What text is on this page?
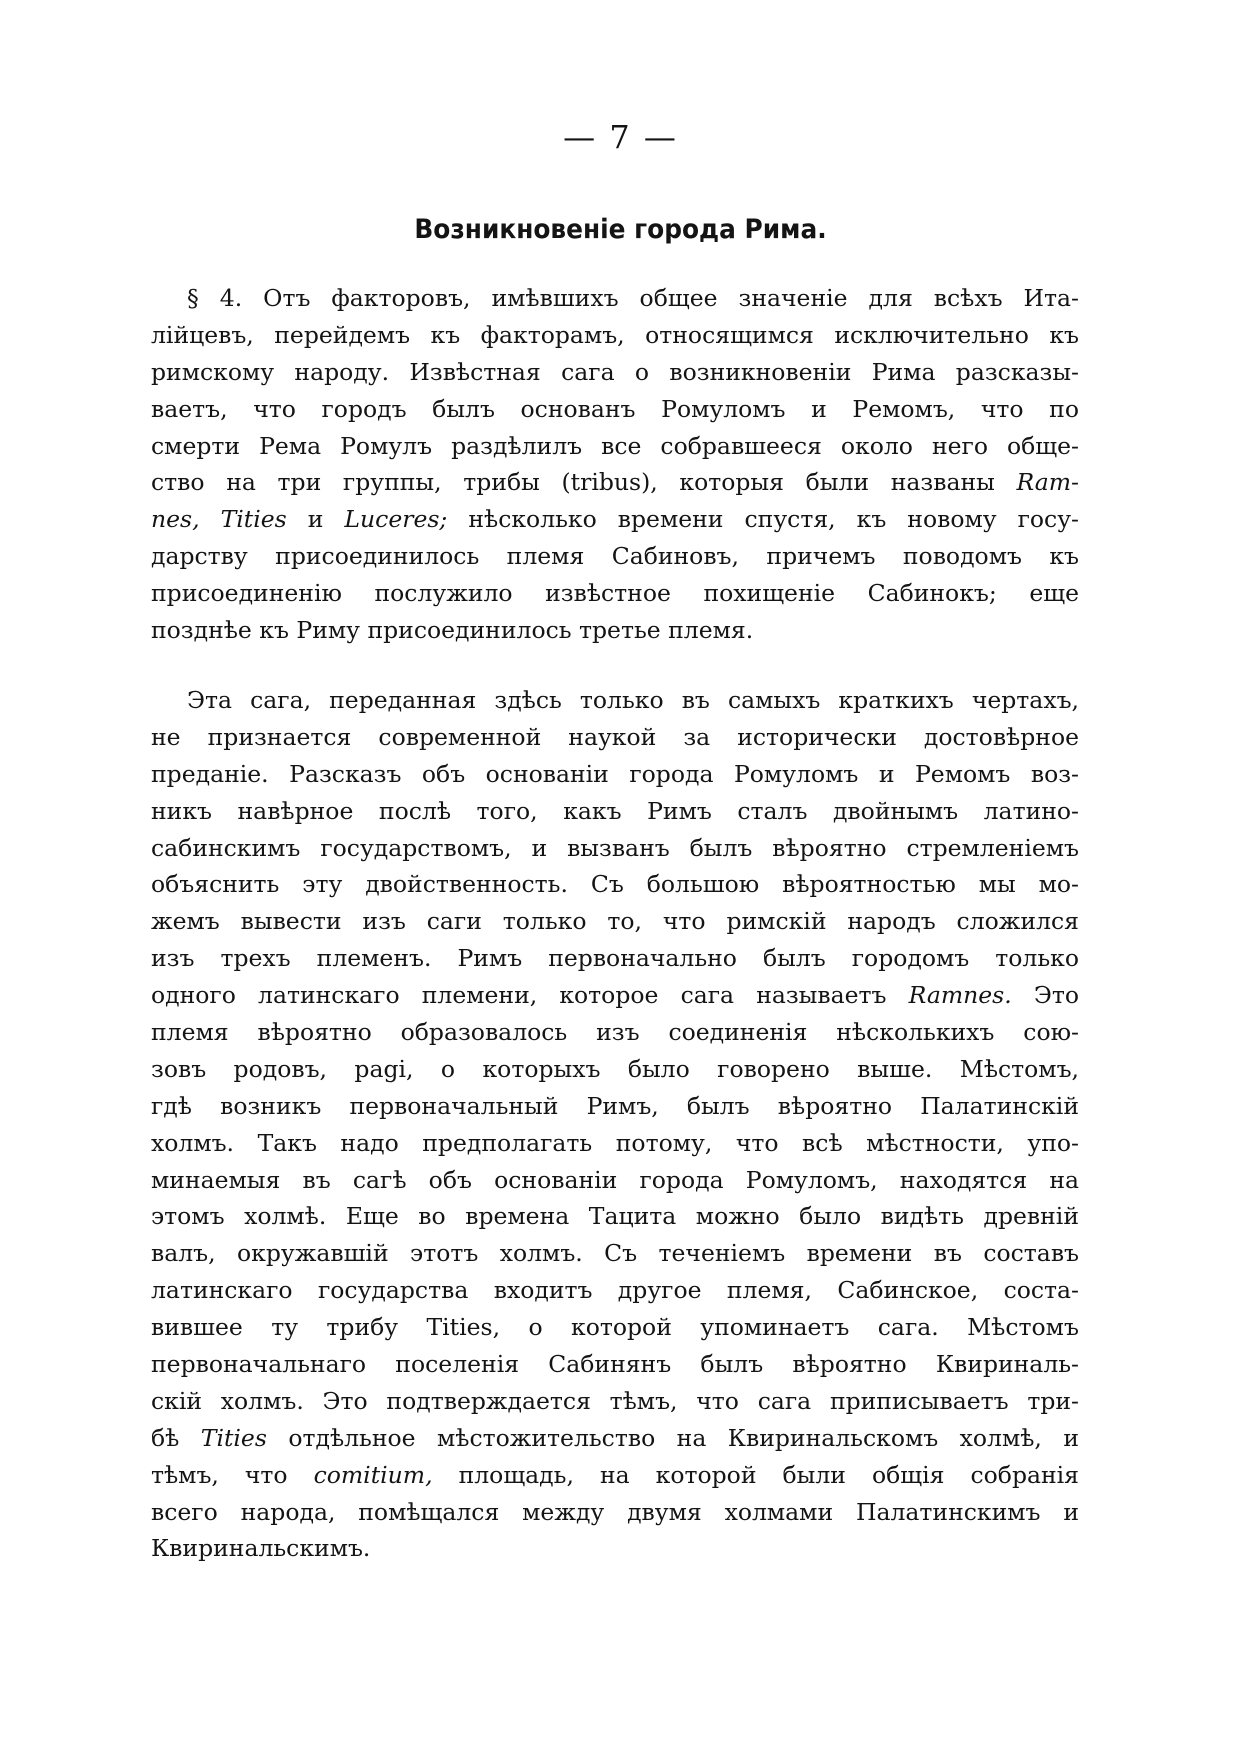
— 7 —
Возникновеніе города Рима.
§ 4. Отъ факторовъ, имѣвшихъ общее значеніе для всѣхъ Ита-
лійцевъ, перейдемъ къ факторамъ, относящимся исключительно къ
римскому народу. Извѣстная сага о возникновеніи Рима разсказы-
ваетъ, что городъ былъ основанъ Ромуломъ и Ремомъ, что по
смерти Рема Ромулъ раздѣлилъ все собравшееся около него обще-
ство на три группы, трибы (tribus), которыя были названы Ram-
nes, Tities и Luceres; нѣсколько времени спустя, къ новому госу-
дарству присоединилось племя Сабиновъ, причемъ поводомъ къ
присоединенію послужило извѣстное похищеніе Сабинокъ; еще
позднѣе къ Риму присоединилось третье племя.
Эта сага, переданная здѣсь только въ самыхъ краткихъ чертахъ,
не признается современной наукой за исторически достовѣрное
преданіе. Разсказъ объ основаніи города Ромуломъ и Ремомъ воз-
никъ навѣрное послѣ того, какъ Римъ сталъ двойнымъ латино-
сабинскимъ государствомъ, и вызванъ былъ вѣроятно стремленіемъ
объяснить эту двойственность. Съ большою вѣроятностью мы мо-
жемъ вывести изъ саги только то, что римскій народъ сложился
изъ трехъ племенъ. Римъ первоначально былъ городомъ только
одного латинскаго племени, которое сага называетъ Ramnes. Это
племя вѣроятно образовалось изъ соединенія нѣсколькихъ сою-
зовъ родовъ, pagi, о которыхъ было говорено выше. Мѣстомъ,
гдѣ возникъ первоначальный Римъ, былъ вѣроятно Палатинскій
холмъ. Такъ надо предполагать потому, что всѣ мѣстности, упо-
минаемыя въ сагѣ объ основаніи города Ромуломъ, находятся на
этомъ холмѣ. Еще во времена Тацита можно было видѣть древній
валъ, окружавшій этотъ холмъ. Съ теченіемъ времени въ составъ
латинскаго государства входитъ другое племя, Сабинское, соста-
вившее ту трибу Tities, о которой упоминаетъ сага. Мѣстомъ
первоначальнаго поселенія Сабинянъ былъ вѣроятно Квириналь-
скій холмъ. Это подтверждается тѣмъ, что сага приписываетъ три-
бѣ Tities отдѣльное мѣстожительство на Квиринальскомъ холмѣ, и
тѣмъ, что comitium, площадь, на которой были общія собранія
всего народа, помѣщался между двумя холмами Палатинскимъ и
Квиринальскимъ.
